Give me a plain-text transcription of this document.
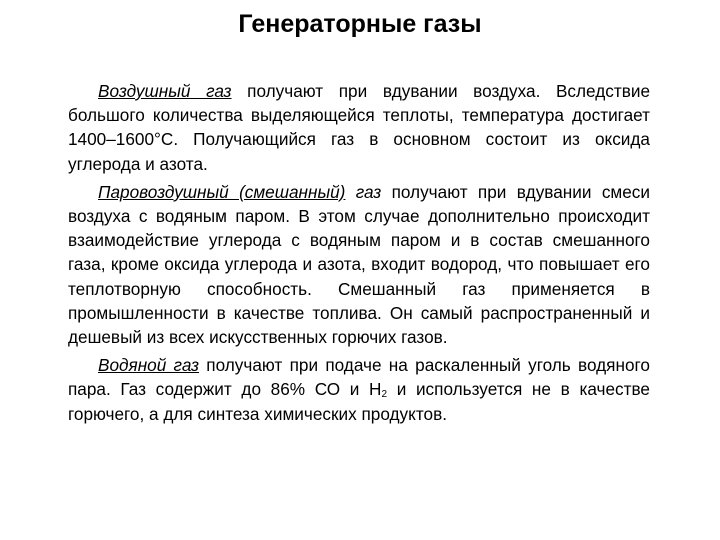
Генераторные газы

Воздушный газ получают при вдувании воздуха. Вследствие большого количества выделяющейся теплоты, температура достигает 1400–1600°С. Получающийся газ в основном состоит из оксида углерода и азота.

Паровоздушный (смешанный) газ получают при вдувании смеси воздуха с водяным паром. В этом случае дополнительно происходит взаимодействие углерода с водяным паром и в состав смешанного газа, кроме оксида углерода и азота, входит водород, что повышает его теплотворную способность. Смешанный газ применяется в промышленности в качестве топлива. Он самый распространенный и дешевый из всех искусственных горючих газов.

Водяной газ получают при подаче на раскаленный уголь водяного пара. Газ содержит до 86% СО и $Н_2$ и используется не в качестве горючего, а для синтеза химических продуктов.
